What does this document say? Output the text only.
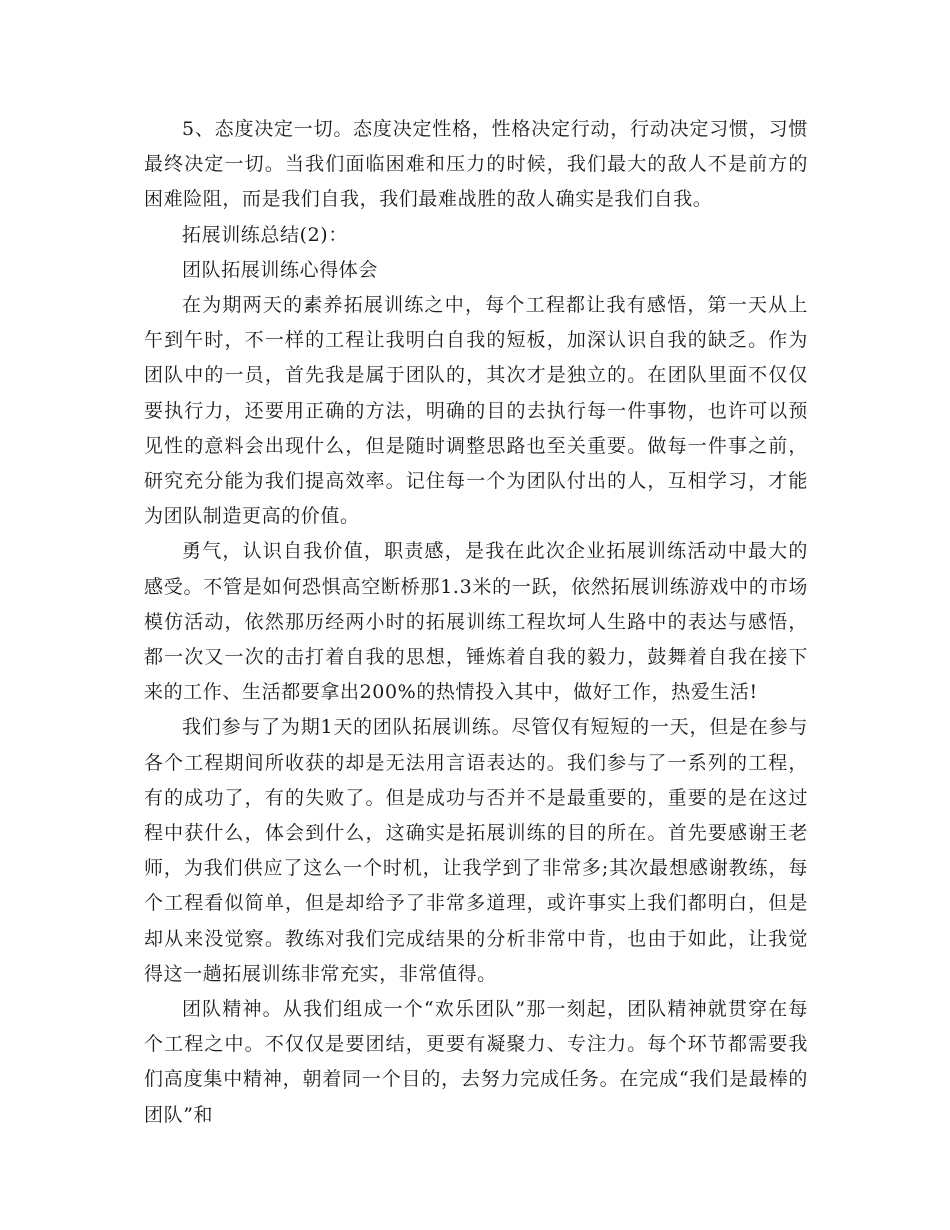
5、态度决定一切。态度决定性格，性格决定行动，行动决定习惯，习惯最终决定一切。当我们面临困难和压力的时候，我们最大的敌人不是前方的困难险阻，而是我们自我，我们最难战胜的敌人确实是我们自我。

拓展训练总结(2)：

团队拓展训练心得体会

在为期两天的素养拓展训练之中，每个工程都让我有感悟，第一天从上午到午时，不一样的工程让我明白自我的短板，加深认识自我的缺乏。作为团队中的一员，首先我是属于团队的，其次才是独立的。在团队里面不仅仅要执行力，还要用正确的方法，明确的目的去执行每一件事物，也许可以预见性的意料会出现什么，但是随时调整思路也至关重要。做每一件事之前，研究充分能为我们提高效率。记住每一个为团队付出的人，互相学习，才能为团队制造更高的价值。

勇气，认识自我价值，职责感，是我在此次企业拓展训练活动中最大的感受。不管是如何恐惧高空断桥那1.3米的一跃，依然拓展训练游戏中的市场模仿活动，依然那历经两小时的拓展训练工程坎坷人生路中的表达与感悟，都一次又一次的击打着自我的思想，锤炼着自我的毅力，鼓舞着自我在接下来的工作、生活都要拿出200%的热情投入其中，做好工作，热爱生活!

我们参与了为期1天的团队拓展训练。尽管仅有短短的一天，但是在参与各个工程期间所收获的却是无法用言语表达的。我们参与了一系列的工程，有的成功了，有的失败了。但是成功与否并不是最重要的，重要的是在这过程中获什么，体会到什么，这确实是拓展训练的目的所在。首先要感谢王老师，为我们供应了这么一个时机，让我学到了非常多;其次最想感谢教练，每个工程看似简单，但是却给予了非常多道理，或许事实上我们都明白，但是却从来没觉察。教练对我们完成结果的分析非常中肯，也由于如此，让我觉得这一趟拓展训练非常充实，非常值得。

团队精神。从我们组成一个“欢乐团队”那一刻起，团队精神就贯穿在每个工程之中。不仅仅是要团结，更要有凝聚力、专注力。每个环节都需要我们高度集中精神，朝着同一个目的，去努力完成任务。在完成“我们是最棒的团队”和
